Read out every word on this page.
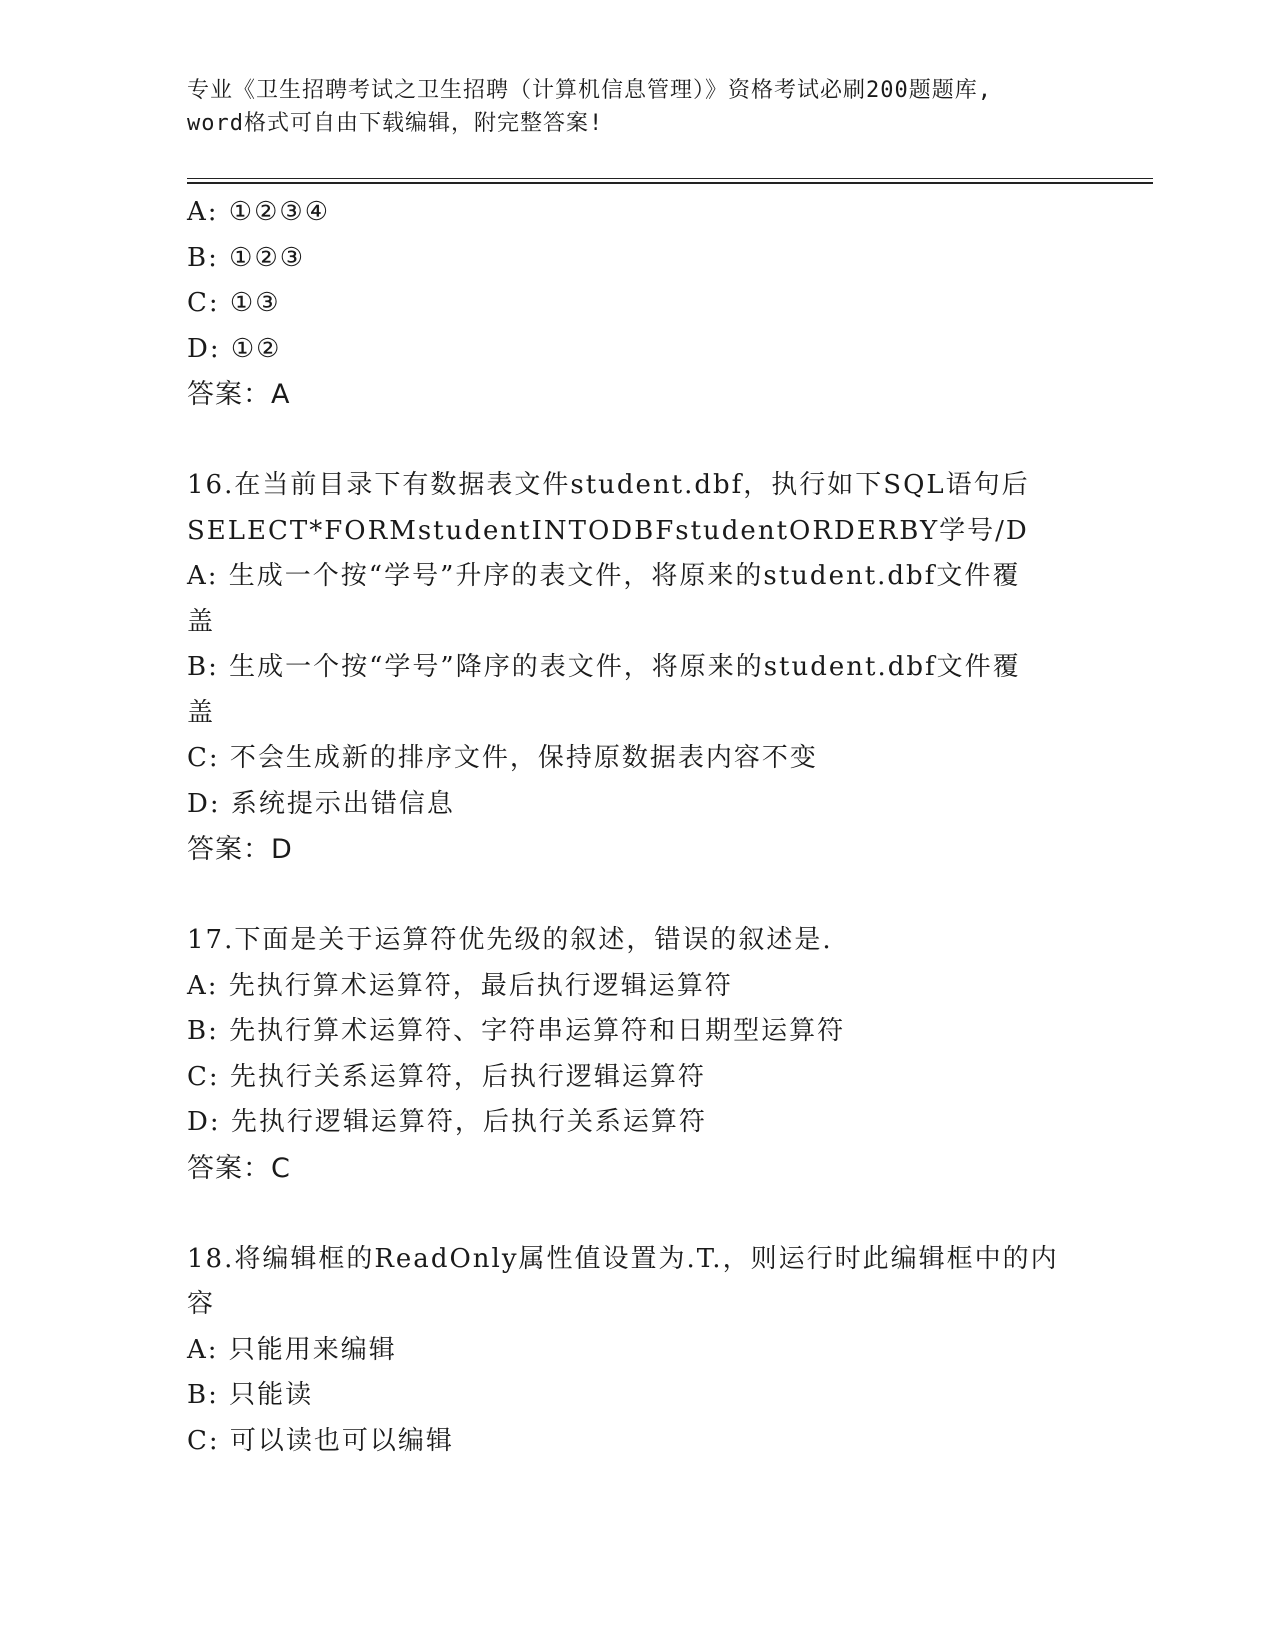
专业《卫生招聘考试之卫生招聘（计算机信息管理）》资格考试必刷200题题库,
word格式可自由下载编辑，附完整答案!
A: ①②③④
B: ①②③
C: ①③
D: ①②
答案：A
16.在当前目录下有数据表文件student.dbf，执行如下SQL语句后
SELECT*FORMstudentINTODBFstudentORDERBY学号/D
A: 生成一个按“学号”升序的表文件，将原来的student.dbf文件覆
盖
B: 生成一个按“学号”降序的表文件，将原来的student.dbf文件覆
盖
C: 不会生成新的排序文件，保持原数据表内容不变
D: 系统提示出错信息
答案：D
17.下面是关于运算符优先级的叙述，错误的叙述是.
A: 先执行算术运算符，最后执行逻辑运算符
B: 先执行算术运算符、字符串运算符和日期型运算符
C: 先执行关系运算符，后执行逻辑运算符
D: 先执行逻辑运算符，后执行关系运算符
答案：C
18.将编辑框的ReadOnly属性值设置为.T.，则运行时此编辑框中的内
容
A: 只能用来编辑
B: 只能读
C: 可以读也可以编辑
